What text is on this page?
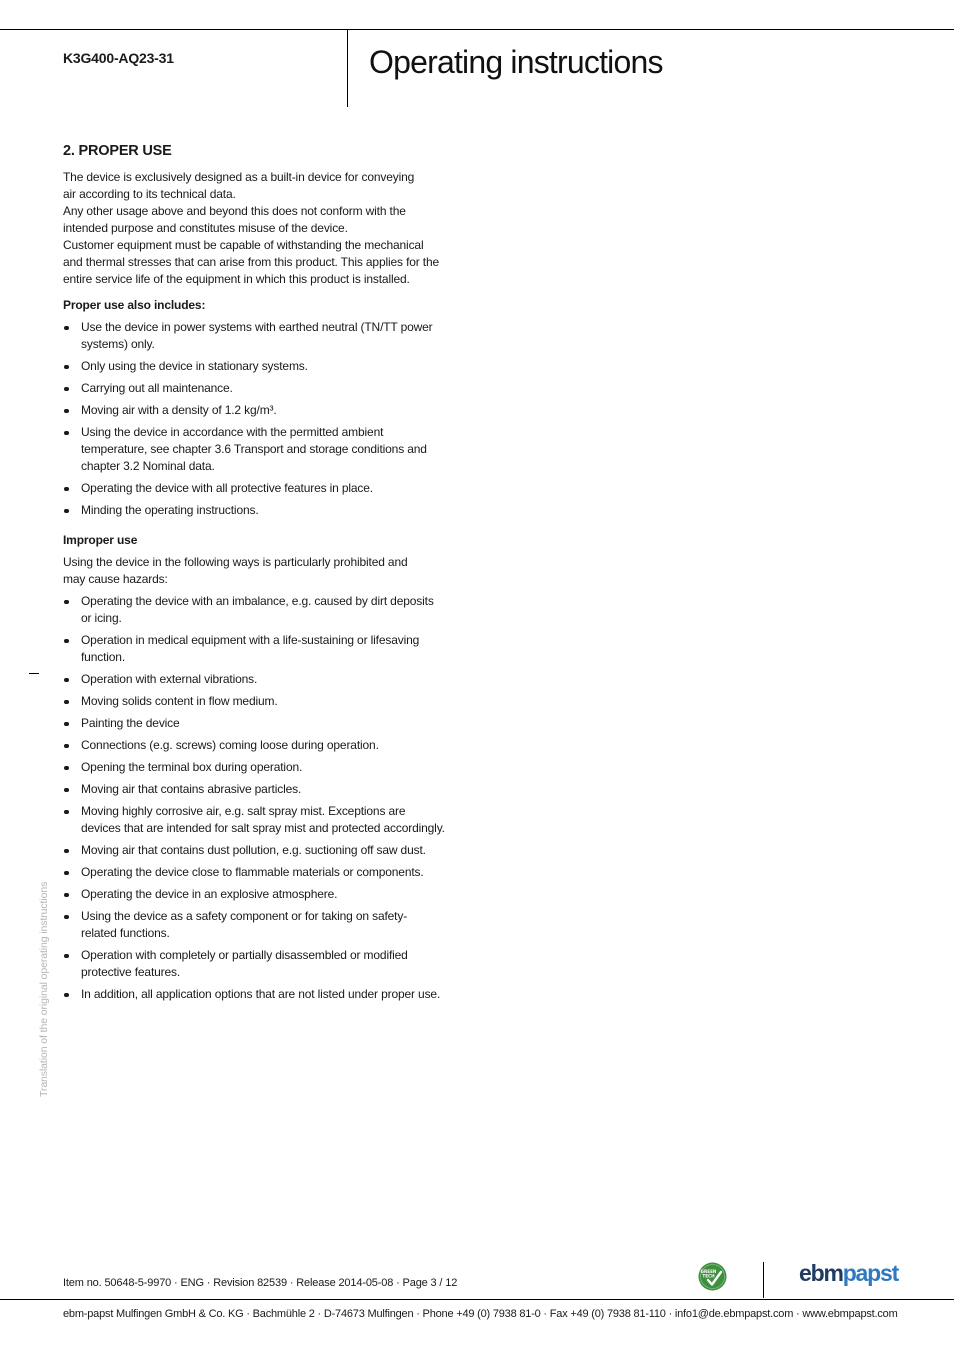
K3G400-AQ23-31	Operating instructions
2. PROPER USE
The device is exclusively designed as a built-in device for conveying
air according to its technical data.
Any other usage above and beyond this does not conform with the
intended purpose and constitutes misuse of the device.
Customer equipment must be capable of withstanding the mechanical
and thermal stresses that can arise from this product. This applies for the
entire service life of the equipment in which this product is installed.
Proper use also includes:
Use the device in power systems with earthed neutral (TN/TT power
systems) only.
Only using the device in stationary systems.
Carrying out all maintenance.
Moving air with a density of 1.2 kg/m³.
Using the device in accordance with the permitted ambient
temperature, see chapter 3.6 Transport and storage conditions and
chapter 3.2 Nominal data.
Operating the device with all protective features in place.
Minding the operating instructions.
Improper use
Using the device in the following ways is particularly prohibited and
may cause hazards:
Operating the device with an imbalance, e.g. caused by dirt deposits
or icing.
Operation in medical equipment with a life-sustaining or lifesaving
function.
Operation with external vibrations.
Moving solids content in flow medium.
Painting the device
Connections (e.g. screws) coming loose during operation.
Opening the terminal box during operation.
Moving air that contains abrasive particles.
Moving highly corrosive air, e.g. salt spray mist. Exceptions are
devices that are intended for salt spray mist and protected accordingly.
Moving air that contains dust pollution, e.g. suctioning off saw dust.
Operating the device close to flammable materials or components.
Operating the device in an explosive atmosphere.
Using the device as a safety component or for taking on safety-
related functions.
Operation with completely or partially disassembled or modified
protective features.
In addition, all application options that are not listed under proper use.
Translation of the original operating instructions
Item no. 50648-5-9970 · ENG · Revision 82539 · Release 2014-05-08 · Page 3 / 12
GREEN
TECH	ebmpapst
ebm-papst Mulfingen GmbH & Co. KG · Bachmühle 2 · D-74673 Mulfingen · Phone +49 (0) 7938 81-0 · Fax +49 (0) 7938 81-110 · info1@de.ebmpapst.com · www.ebmpapst.com
